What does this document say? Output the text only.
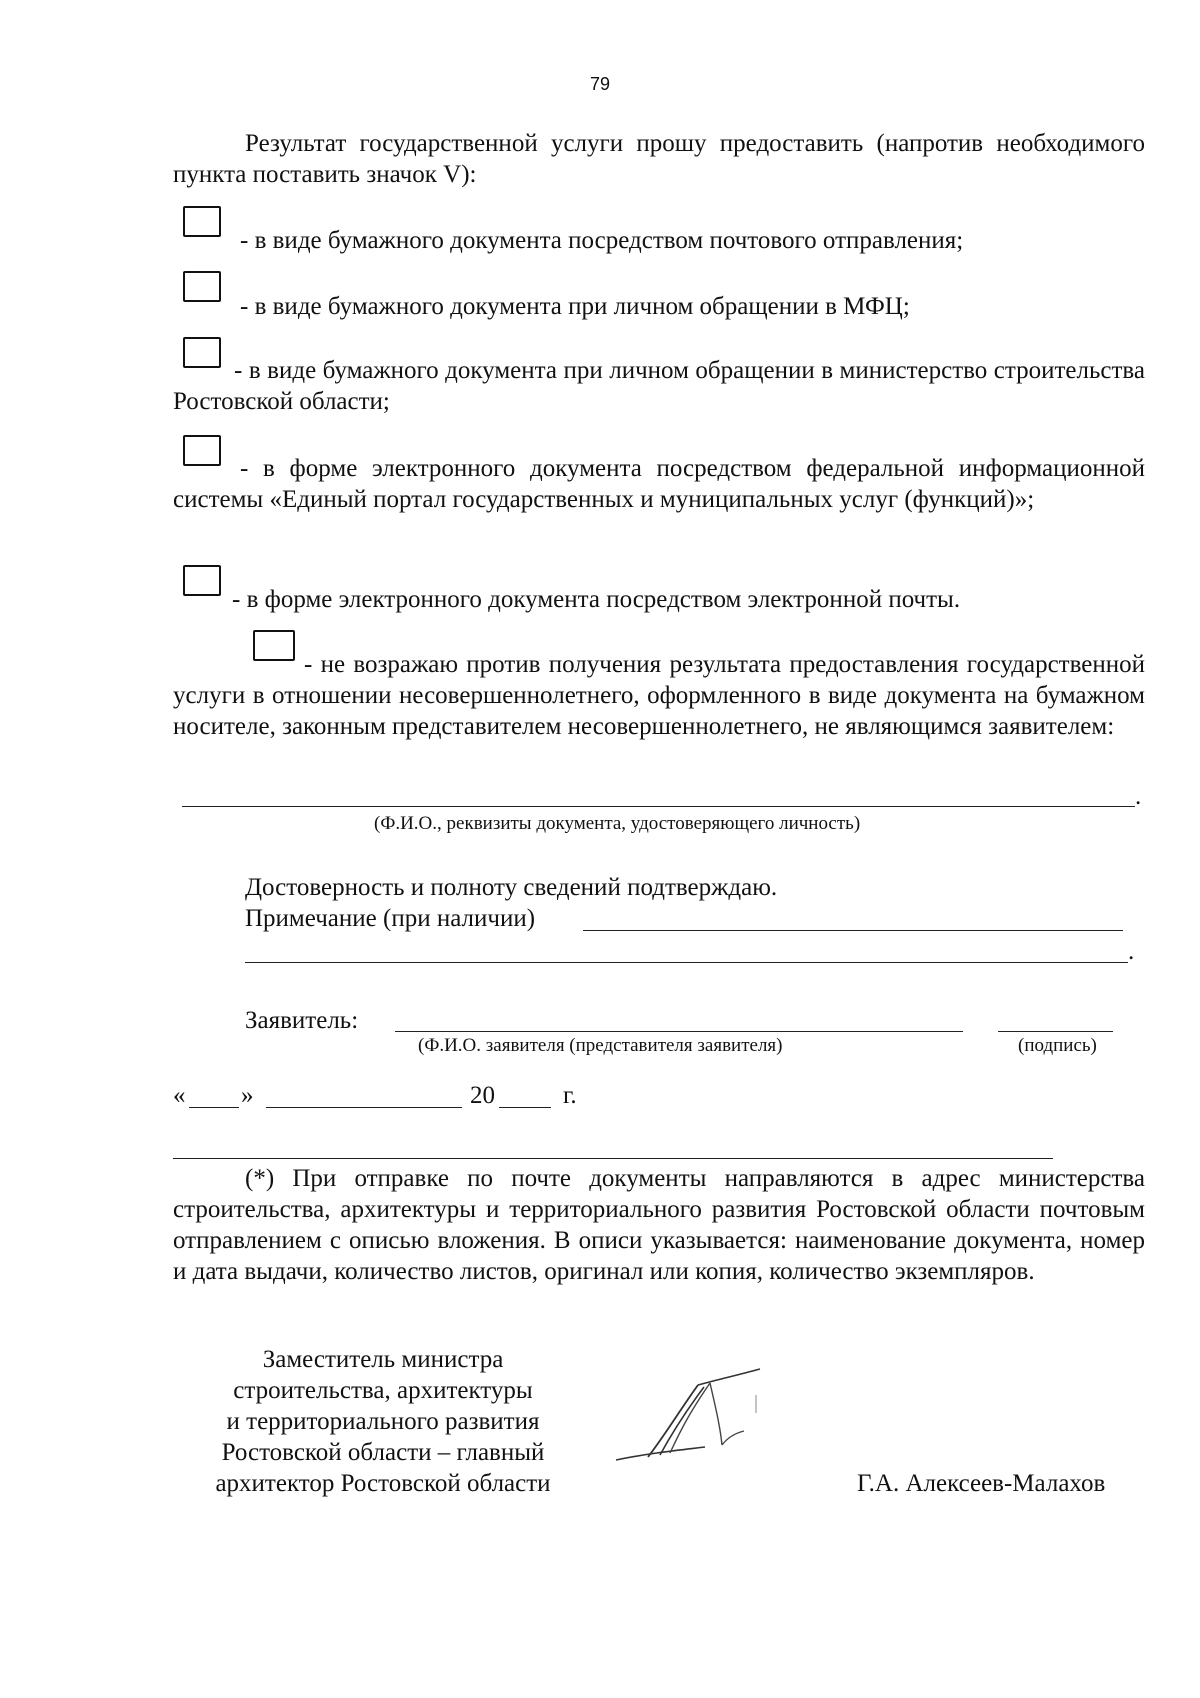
79
Результат государственной услуги прошу предоставить (напротив необходимого пункта поставить значок V):
- в виде бумажного документа посредством почтового отправления;
- в виде бумажного документа при личном обращении в МФЦ;
- в виде бумажного документа при личном обращении в министерство строительства Ростовской области;
- в форме электронного документа посредством федеральной информационной системы «Единый портал государственных и муниципальных услуг (функций)»;
- в форме электронного документа посредством электронной почты.
- не возражаю против получения результата предоставления государственной услуги в отношении несовершеннолетнего, оформленного в виде документа на бумажном носителе, законным представителем несовершеннолетнего, не являющимся заявителем:
.
(Ф.И.О., реквизиты документа, удостоверяющего личность)
Достоверность и полноту сведений подтверждаю.
Примечание (при наличии)
.
Заявитель:
(Ф.И.О. заявителя (представителя заявителя)	(подпись)
« »	20	г.
(*) При отправке по почте документы направляются в адрес министерства строительства, архитектуры и территориального развития Ростовской области почтовым отправлением с описью вложения. В описи указывается: наименование документа, номер и дата выдачи, количество листов, оригинал или копия, количество экземпляров.
Заместитель министра
строительства, архитектуры
и территориального развития
Ростовской области – главный
архитектор Ростовской области	Г.А. Алексеев-Малахов
